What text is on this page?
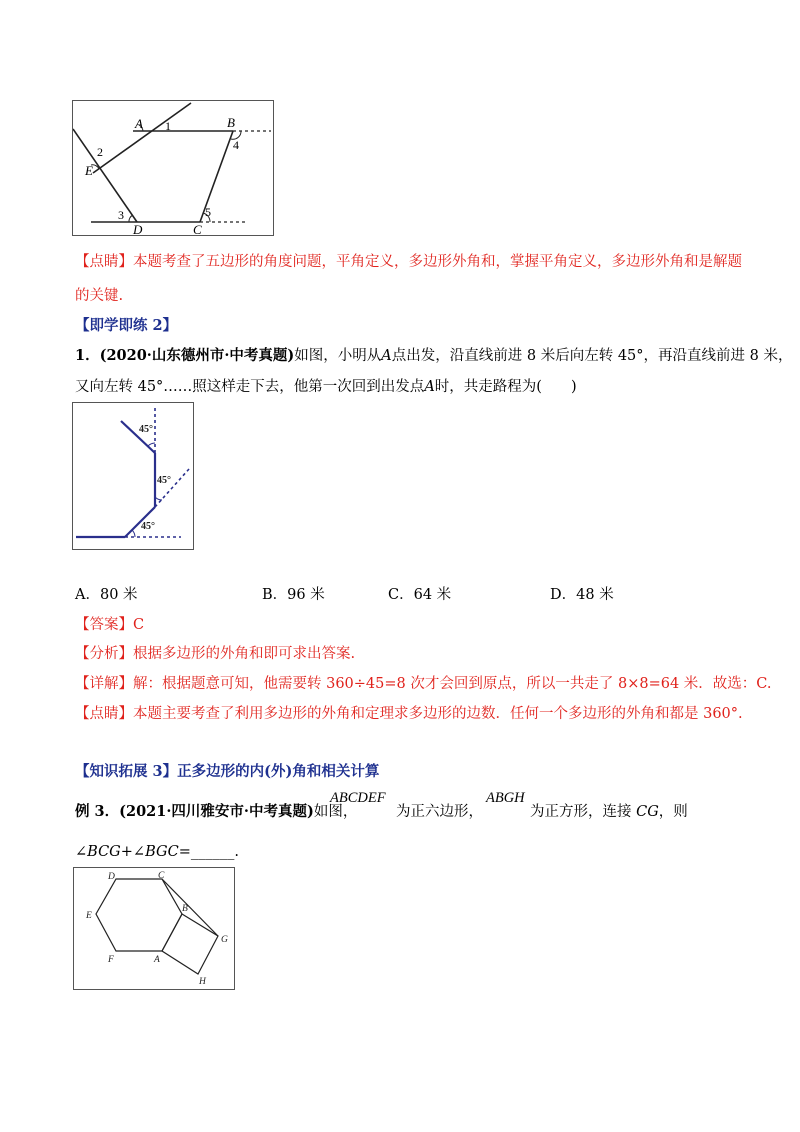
A	B
E
D	C
1
2
3
4
5
【点睛】本题考查了五边形的角度问题，平角定义，多边形外角和，掌握平角定义，多边形外角和是解题
的关键.
【即学即练 2】
1．(2020·山东德州市·中考真题)如图，小明从A点出发，沿直线前进 8 米后向左转 45°，再沿直线前进 8 米，
又向左转 45°……照这样走下去，他第一次回到出发点A时，共走路程为(　　)
45°
45°
45°
A．80 米	B．96 米	C．64 米	D．48 米
【答案】C
【分析】根据多边形的外角和即可求出答案.
【详解】解：根据题意可知，他需要转 360÷45=8 次才会回到原点，所以一共走了 8×8=64 米．故选：C.
【点睛】本题主要考查了利用多边形的外角和定理求多边形的边数．任何一个多边形的外角和都是 360°.
【知识拓展 3】正多边形的内(外)角和相关计算
例 3．(2021·四川雅安市·中考真题)如图，
ABCDEF
为正六边形，
ABGH
为正方形，连接 CG，则
∠BCG+∠BGC=______.
D	C
E
B
G
F	A
H
